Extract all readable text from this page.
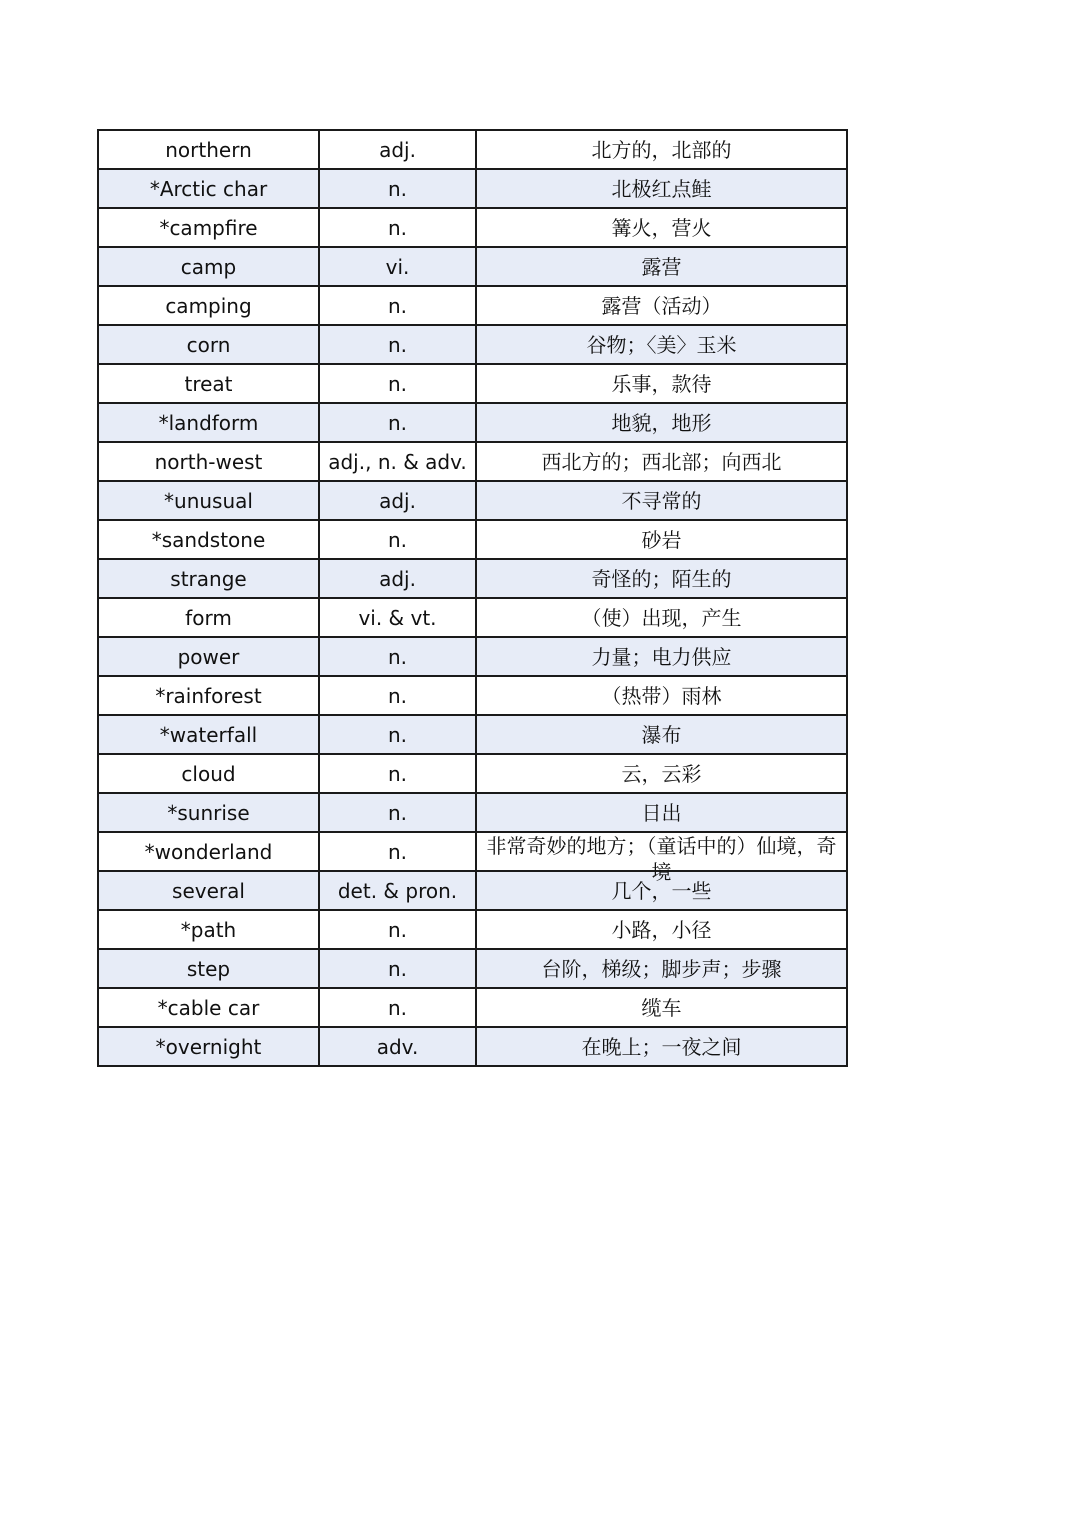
northern	adj.	北方的，北部的
*Arctic char	n.	北极红点鲑
*campfire	n.	篝火，营火
camp	vi.	露营
camping	n.	露营（活动）
corn	n.	谷物；〈美〉玉米
treat	n.	乐事，款待
*landform	n.	地貌，地形
north-west	adj., n. & adv.	西北方的；西北部；向西北
*unusual	adj.	不寻常的
*sandstone	n.	砂岩
strange	adj.	奇怪的；陌生的
form	vi. & vt.	（使）出现，产生
power	n.	力量；电力供应
*rainforest	n.	（热带）雨林
*waterfall	n.	瀑布
cloud	n.	云，云彩
*sunrise	n.	日出
*wonderland	n.	非常奇妙的地方；（童话中的）仙境，奇境

several	det. & pron.	几个，一些
*path	n.	小路，小径
step	n.	台阶，梯级；脚步声；步骤
*cable car	n.	缆车
*overnight	adv.	在晚上；一夜之间
